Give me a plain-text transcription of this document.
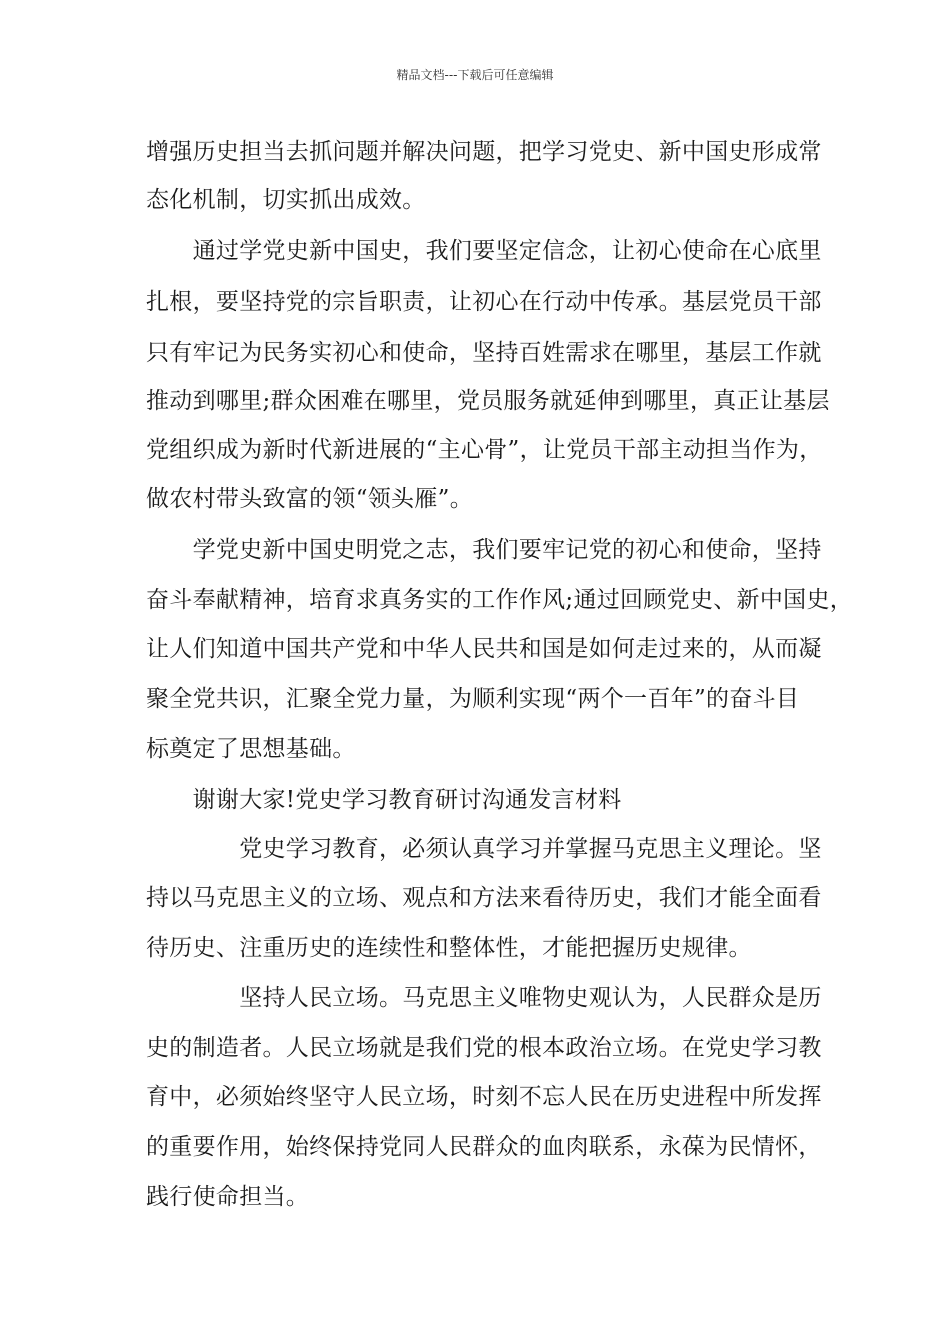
精品文档---下载后可任意编辑
增强历史担当去抓问题并解决问题，把学习党史、新中国史形成常
态化机制，切实抓出成效。
　　通过学党史新中国史，我们要坚定信念，让初心使命在心底里
扎根，要坚持党的宗旨职责，让初心在行动中传承。基层党员干部
只有牢记为民务实初心和使命，坚持百姓需求在哪里，基层工作就
推动到哪里;群众困难在哪里，党员服务就延伸到哪里，真正让基层
党组织成为新时代新进展的“主心骨”，让党员干部主动担当作为，
做农村带头致富的领“领头雁”。
　　学党史新中国史明党之志，我们要牢记党的初心和使命，坚持
奋斗奉献精神，培育求真务实的工作作风;通过回顾党史、新中国史，
让人们知道中国共产党和中华人民共和国是如何走过来的，从而凝
聚全党共识，汇聚全党力量，为顺利实现“两个一百年”的奋斗目
标奠定了思想基础。
　　谢谢大家!党史学习教育研讨沟通发言材料
　　　　党史学习教育，必须认真学习并掌握马克思主义理论。坚
持以马克思主义的立场、观点和方法来看待历史，我们才能全面看
待历史、注重历史的连续性和整体性，才能把握历史规律。
　　　　坚持人民立场。马克思主义唯物史观认为，人民群众是历
史的制造者。人民立场就是我们党的根本政治立场。在党史学习教
育中，必须始终坚守人民立场，时刻不忘人民在历史进程中所发挥
的重要作用，始终保持党同人民群众的血肉联系，永葆为民情怀，
践行使命担当。
